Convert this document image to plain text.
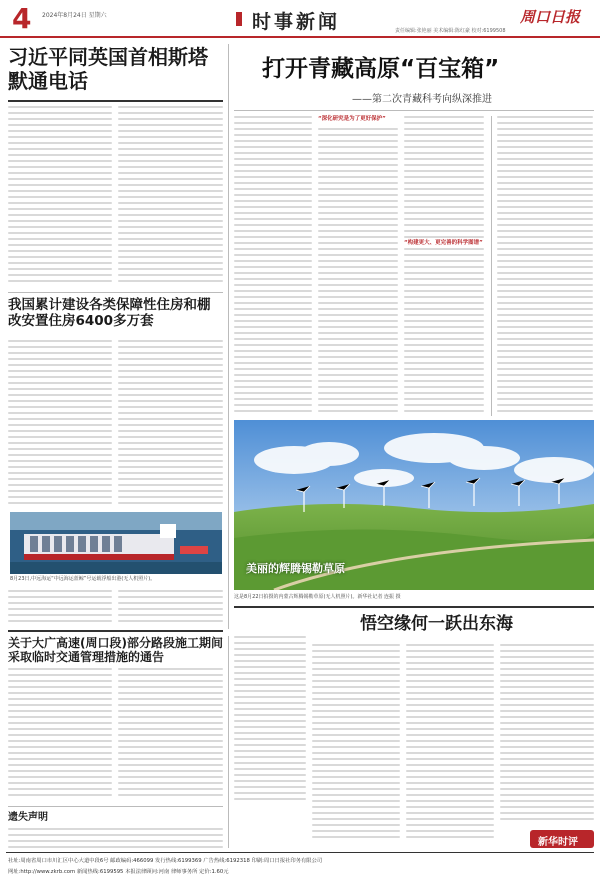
4 2024年8月24日 星期六	时事新闻	责任编辑:张艳丽 美术编辑:陈红豪 校对:6199508
周口日报
习近平同英国首相斯塔默通电话
我国累计建设各类保障性住房和棚改安置住房6400多万套
8月23日,中远海运“中远海运蓝鲸”号运载浮船出港(无人机照片)。
关于大广高速(周口段)部分路段施工期间采取临时交通管理措施的通告
遗失声明
打开青藏高原“百宝箱”
——第二次青藏科考向纵深推进
“深化研究是为了更好保护”
“构建更大、更完善的科学图谱”
美丽的辉腾锡勒草原
这是8月22日拍摄的内蒙古辉腾锡勒草原(无人机照片)。新华社记者 连振 摄
悟空缘何一跃出东海
新华时评
社址:周南省周口市川汇区中心大道中段6号 邮政编码:466099 发行热线:6199369 广告热线:6192318 印刷:周口日报社印务有限公司
网址:http://www.zkrb.com 新闻热线:6199595 本报法律顾问:河南 律师事务所 定价:1.60元
